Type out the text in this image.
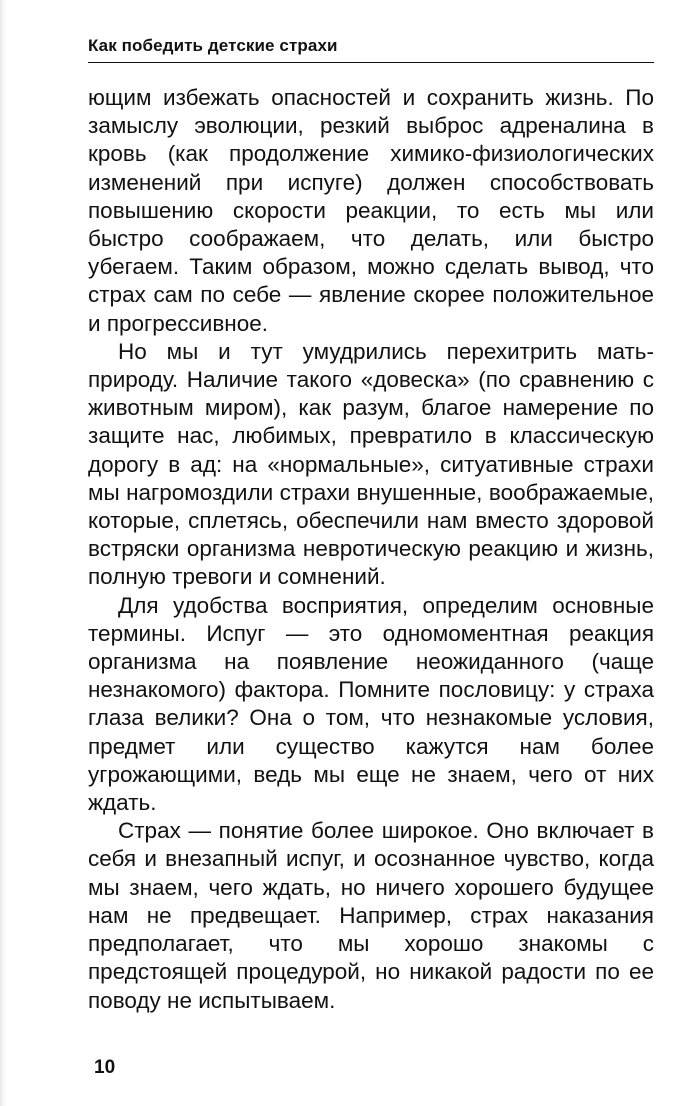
Как победить детские страхи

ющим избежать опасностей и сохранить жизнь. По замыслу эволюции, резкий выброс адреналина в кровь (как продолжение химико-физиологических изменений при испуге) должен способствовать повышению скорости реакции, то есть мы или быстро соображаем, что делать, или быстро убегаем. Таким образом, можно сделать вывод, что страх сам по себе — явление скорее положительное и прогрессивное.

Но мы и тут умудрились перехитрить мать-природу. Наличие такого «довеска» (по сравнению с животным миром), как разум, благое намерение по защите нас, любимых, превратило в классическую дорогу в ад: на «нормальные», ситуативные страхи мы нагромоздили страхи внушенные, воображаемые, которые, сплетясь, обеспечили нам вместо здоровой встряски организма невротическую реакцию и жизнь, полную тревоги и сомнений.

Для удобства восприятия, определим основные термины. Испуг — это одномоментная реакция организма на появление неожиданного (чаще незнакомого) фактора. Помните пословицу: у страха глаза велики? Она о том, что незнакомые условия, предмет или существо кажутся нам более угрожающими, ведь мы еще не знаем, чего от них ждать.

Страх — понятие более широкое. Оно включает в себя и внезапный испуг, и осознанное чувство, когда мы знаем, чего ждать, но ничего хорошего будущее нам не предвещает. Например, страх наказания предполагает, что мы хорошо знакомы с предстоящей процедурой, но никакой радости по ее поводу не испытываем.

10
